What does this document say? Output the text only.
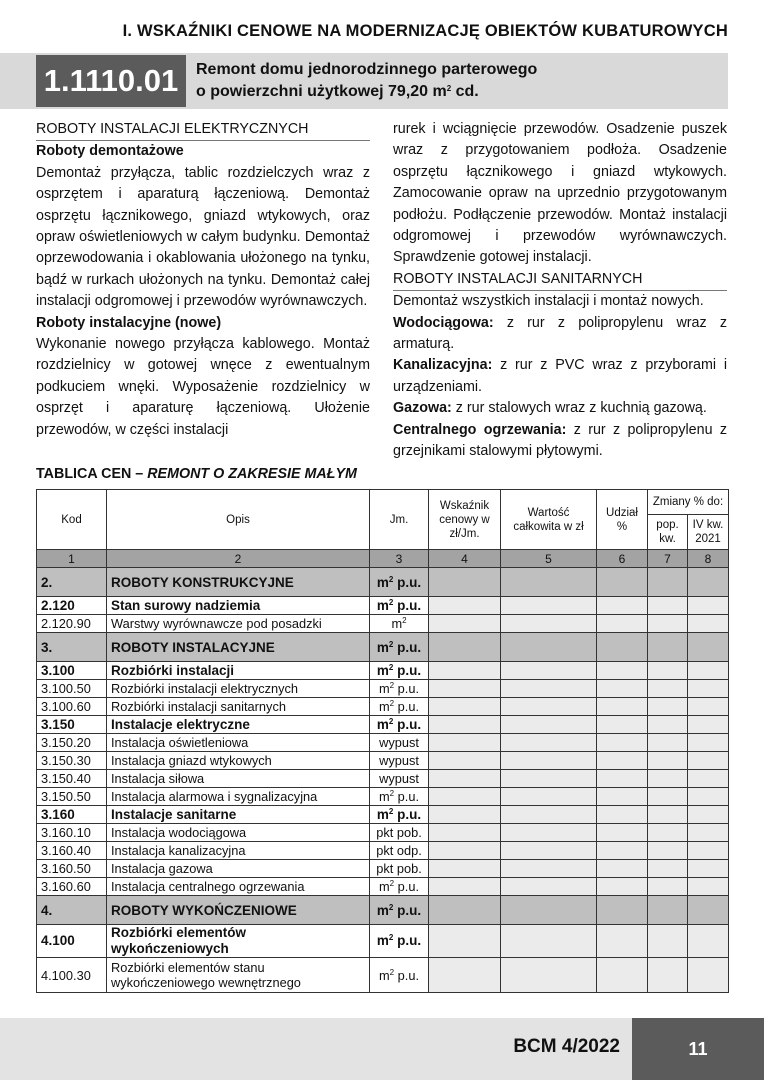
I. WSKAŹNIKI CENOWE NA MODERNIZACJĘ OBIEKTÓW KUBATUROWYCH
1.1110.01	Remont domu jednorodzinnego parterowego
o powierzchni użytkowej 79,20 $m^2$ cd.

ROBOTY INSTALACJI ELEKTRYCZNYCH

Roboty demontażowe

Demontaż przyłącza, tablic rozdzielczych wraz z osprzętem i aparaturą łączeniową. Demontaż osprzętu łącznikowego, gniazd wtykowych, oraz opraw oświetleniowych w całym budynku. Demontaż oprzewodowania i okablowania ułożonego na tynku, bądź w rurkach ułożonych na tynku. Demontaż całej instalacji odgromowej i przewodów wyrównawczych.

Roboty instalacyjne (nowe)

Wykonanie nowego przyłącza kablowego. Montaż rozdzielnicy w gotowej wnęce z ewentualnym podkuciem wnęki. Wyposażenie rozdzielnicy w osprzęt i aparaturę łączeniową. Ułożenie przewodów, w części instalacji

rurek i wciągnięcie przewodów. Osadzenie puszek wraz z przygotowaniem podłoża. Osadzenie osprzętu łącznikowego i gniazd wtykowych. Zamocowanie opraw na uprzednio przygotowanym podłożu. Podłączenie przewodów. Montaż instalacji odgromowej i przewodów wyrównawczych. Sprawdzenie gotowej instalacji.

ROBOTY INSTALACJI SANITARNYCH

Demontaż wszystkich instalacji i montaż nowych.

Wodociągowa: z rur z polipropylenu wraz z armaturą.

Kanalizacyjna: z rur z PVC wraz z przyborami i urządzeniami.

Gazowa: z rur stalowych wraz z kuchnią gazową.

Centralnego ogrzewania: z rur z polipropylenu z grzejnikami stalowymi płytowymi.

TABLICA CEN – REMONT O ZAKRESIE MAŁYM
Kod	Opis	Jm.	Wskaźnik cenowy w zł/Jm.	Wartość całkowita w zł	Udział %	Zmiany % do:	
						pop. kw.	IV kw. 2021
1	2	3	4	5	6	7	8
2.	ROBOTY KONSTRUKCYJNE	$m^2$ p.u.					
2.120	Stan surowy nadziemia	$m^2$ p.u.					
2.120.90	Warstwy wyrównawcze pod posadzki	$m^2$					
3.	ROBOTY INSTALACYJNE	$m^2$ p.u.					
3.100	Rozbiórki instalacji	$m^2$ p.u.					
3.100.50	Rozbiórki instalacji elektrycznych	$m^2$ p.u.					
3.100.60	Rozbiórki instalacji sanitarnych	$m^2$ p.u.					
3.150	Instalacje elektryczne	$m^2$ p.u.					
3.150.20	Instalacja oświetleniowa	wypust					
3.150.30	Instalacja gniazd wtykowych	wypust					
3.150.40	Instalacja siłowa	wypust					
3.150.50	Instalacja alarmowa i sygnalizacyjna	$m^2$ p.u.					
3.160	Instalacje sanitarne	$m^2$ p.u.					
3.160.10	Instalacja wodociągowa	pkt pob.					
3.160.40	Instalacja kanalizacyjna	pkt odp.					
3.160.50	Instalacja gazowa	pkt pob.					
3.160.60	Instalacja centralnego ogrzewania	$m^2$ p.u.					
4.	ROBOTY WYKOŃCZENIOWE	$m^2$ p.u.					
4.100	Rozbiórki elementów wykończeniowych	$m^2$ p.u.					
4.100.30	Rozbiórki elementów stanu wykończeniowego wewnętrznego	$m^2$ p.u.					
BCM 4/2022	11
